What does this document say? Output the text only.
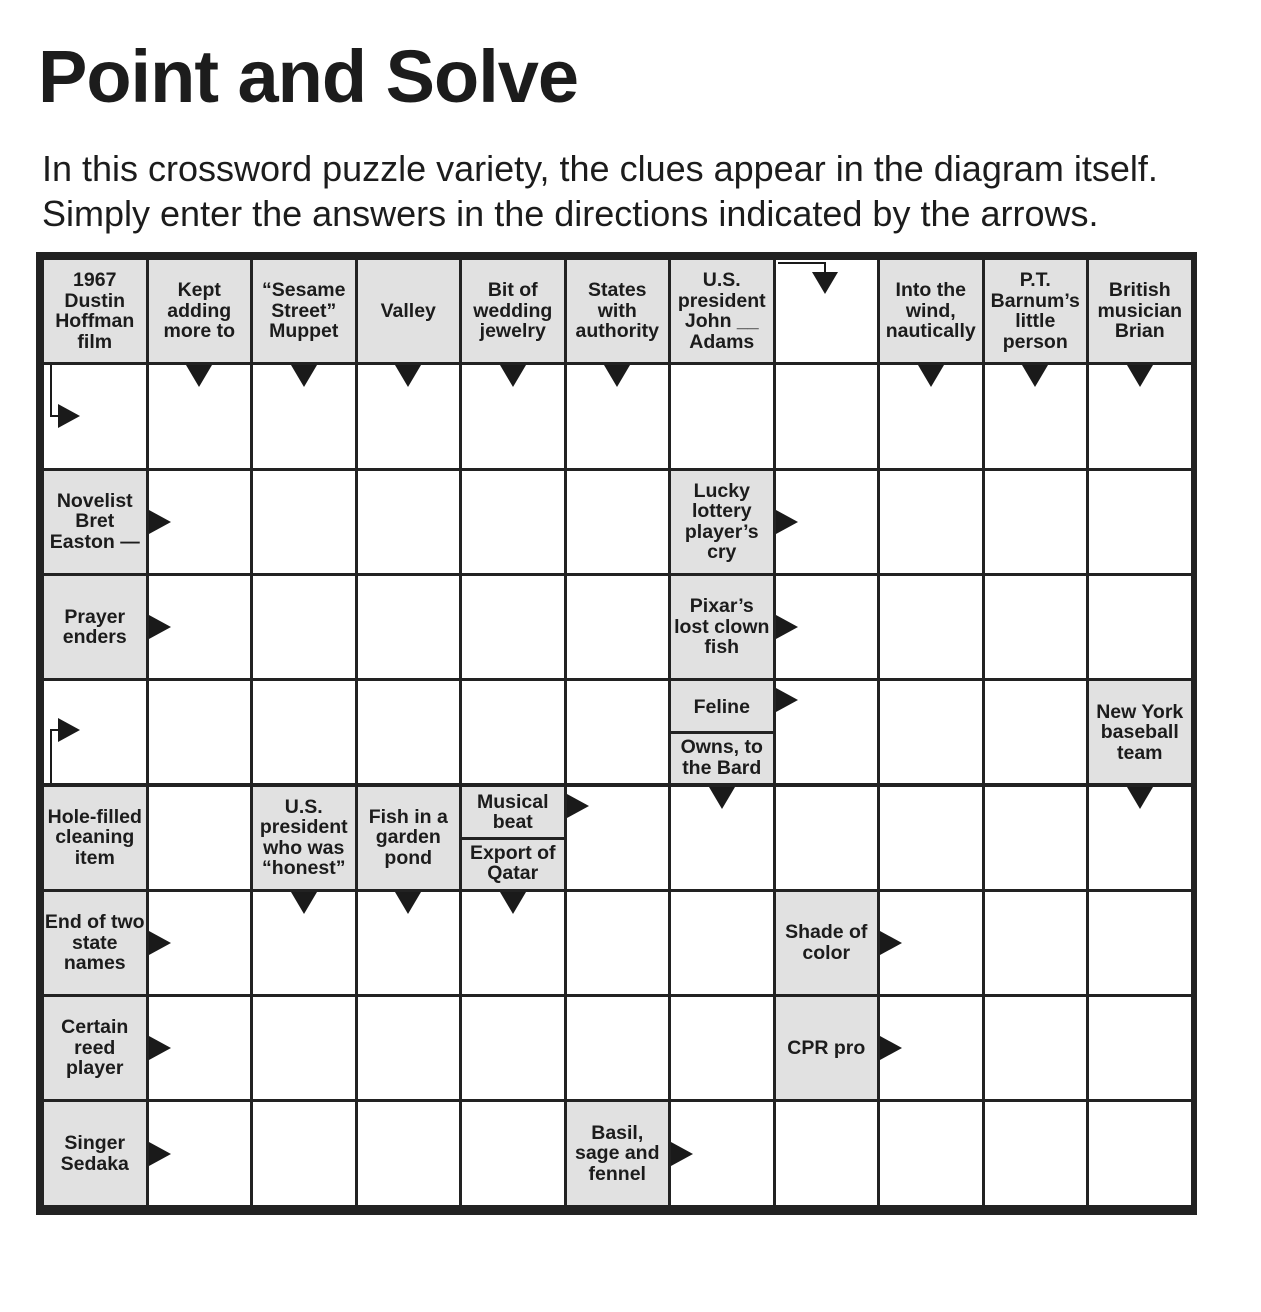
Point and Solve
In this crossword puzzle variety, the clues appear in the diagram itself.
Simply enter the answers in the directions indicated by the arrows.
1967 Dustin Hoffman film
Kept adding more to
“Sesame Street” Muppet
Valley
Bit of wedding jewelry
States with authority
U.S. president John __ Adams
Into the wind, nautically
P.T. Barnum’s little person
British musician Brian
Novelist Bret Easton —
Lucky lottery player’s cry
Prayer enders
Pixar’s lost clown fish
Feline
Owns, to the Bard
New York baseball team
Hole-filled cleaning item
U.S. president who was “honest”
Fish in a garden pond
Musical beat
Export of Qatar
End of two state names
Shade of color
Certain reed player
CPR pro
Singer Sedaka
Basil, sage and fennel
